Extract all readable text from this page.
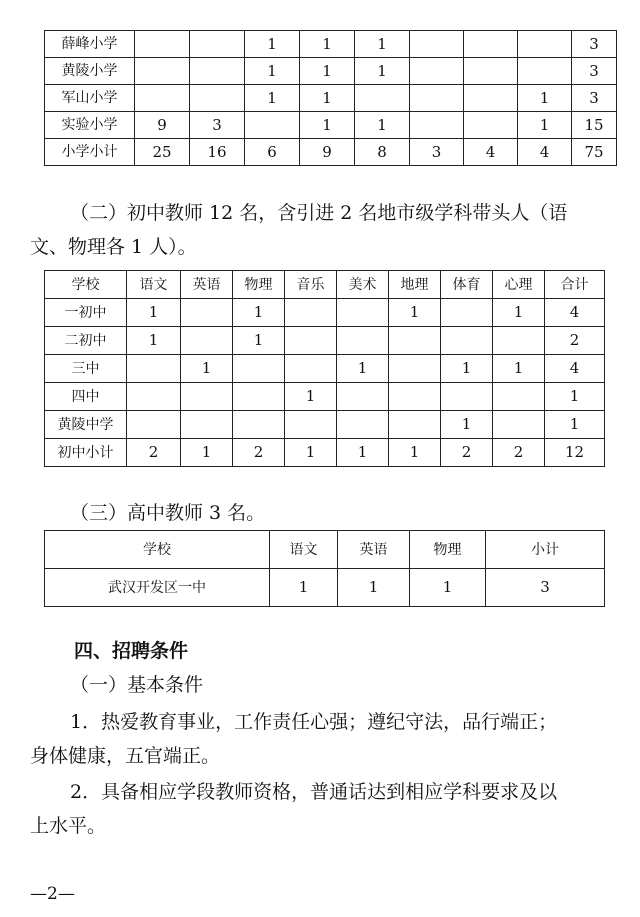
薛峰小学			1	1	1				3
黄陵小学			1	1	1				3
军山小学			1	1				1	3
实验小学	9	3		1	1			1	15
小学小计	25	16	6	9	8	3	4	4	75

（二）初中教师 12 名，含引进 2 名地市级学科带头人（语

文、物理各 1 人）。

学校	语文	英语	物理	音乐	美术	地理	体育	心理	合计
一初中	1		1			1		1	4
二初中	1		1						2
三中		1			1		1	1	4
四中				1					1
黄陵中学							1		1
初中小计	2	1	2	1	1	1	2	2	12

（三）高中教师 3 名。

学校	语文	英语	物理	小计
武汉开发区一中	1	1	1	3

四、招聘条件

（一）基本条件

1．热爱教育事业，工作责任心强；遵纪守法，品行端正；

身体健康，五官端正。

2．具备相应学段教师资格，普通话达到相应学科要求及以

上水平。

—2—
